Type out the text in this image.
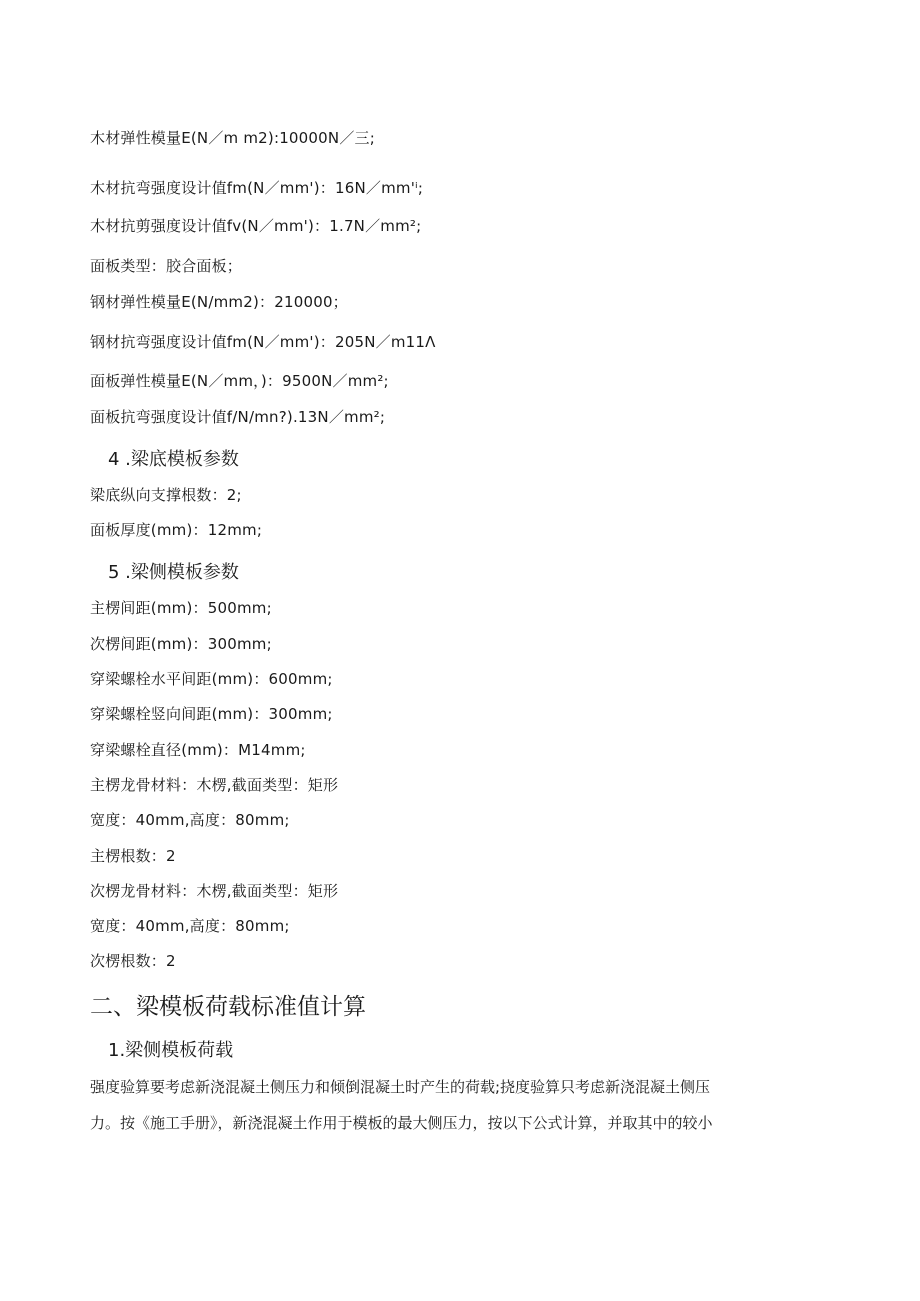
木材弹性模量E(N／m m2):10000N／三;
木材抗弯强度设计值fm(N／mm')：16N／mm'ⁱ;
木材抗剪强度设计值fv(N／mm')：1.7N／mm²;
面板类型：胶合面板；
钢材弹性模量E(N/mm2)：210000；
钢材抗弯强度设计值fm(N／mm')：205N／m11Λ
面板弹性模量E(N／mm，)：9500N／mm²;
面板抗弯强度设计值f/N/mn?).13N／mm²;
4 .梁底模板参数
梁底纵向支撑根数：2;
面板厚度(mm)：12mm;
5 .梁侧模板参数
主楞间距(mm)：500mm;
次楞间距(mm)：300mm;
穿梁螺栓水平间距(mm)：600mm;
穿梁螺栓竖向间距(mm)：300mm;
穿梁螺栓直径(mm)：M14mm;
主楞龙骨材料：木楞,截面类型：矩形
宽度：40mm,高度：80mm;
主楞根数：2
次楞龙骨材料：木楞,截面类型：矩形
宽度：40mm,高度：80mm;
次楞根数：2
二、梁模板荷载标准值计算
1.梁侧模板荷载
强度验算要考虑新浇混凝土侧压力和倾倒混凝土时产生的荷载;挠度验算只考虑新浇混凝土侧压
力。按《施工手册》，新浇混凝土作用于模板的最大侧压力，按以下公式计算，并取其中的较小
